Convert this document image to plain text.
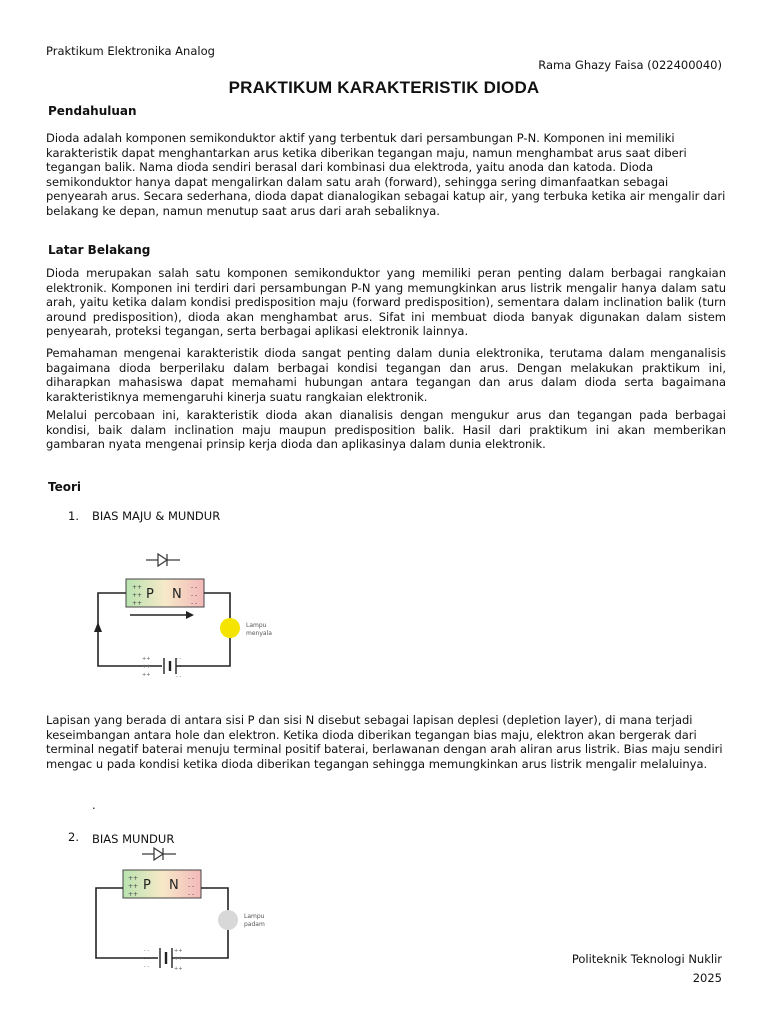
Praktikum Elektronika Analog
Rama Ghazy Faisa (022400040)
PRAKTIKUM KARAKTERISTIK DIODA
Pendahuluan
Dioda adalah komponen semikonduktor aktif yang terbentuk dari persambungan P-N. Komponen ini memiliki karakteristik dapat menghantarkan arus ketika diberikan tegangan maju, namun menghambat arus saat diberi tegangan balik. Nama dioda sendiri berasal dari kombinasi dua elektroda, yaitu anoda dan katoda. Dioda semikonduktor hanya dapat mengalirkan dalam satu arah (forward), sehingga sering dimanfaatkan sebagai penyearah arus. Secara sederhana, dioda dapat dianalogikan sebagai katup air, yang terbuka ketika air mengalir dari belakang ke depan, namun menutup saat arus dari arah sebaliknya.
Latar Belakang
Dioda merupakan salah satu komponen semikonduktor yang memiliki peran penting dalam berbagai rangkaian elektronik. Komponen ini terdiri dari persambungan P-N yang memungkinkan arus listrik mengalir hanya dalam satu arah, yaitu ketika dalam kondisi predisposition maju (forward predisposition), sementara dalam inclination balik (turn around predisposition), dioda akan menghambat arus. Sifat ini membuat dioda banyak digunakan dalam sistem penyearah, proteksi tegangan, serta berbagai aplikasi elektronik lainnya.
Pemahaman mengenai karakteristik dioda sangat penting dalam dunia elektronika, terutama dalam menganalisis bagaimana dioda berperilaku dalam berbagai kondisi tegangan dan arus. Dengan melakukan praktikum ini, diharapkan mahasiswa dapat memahami hubungan antara tegangan dan arus dalam dioda serta bagaimana karakteristiknya memengaruhi kinerja suatu rangkaian elektronik.
Melalui percobaan ini, karakteristik dioda akan dianalisis dengan mengukur arus dan tegangan pada berbagai kondisi, baik dalam inclination maju maupun predisposition balik. Hasil dari praktikum ini akan memberikan gambaran nyata mengenai prinsip kerja dioda dan aplikasinya dalam dunia elektronik.
Teori
1. BIAS MAJU & MUNDUR
++
++
++
P N - -
- -
- -
++
++
++
- -
- -
- -
Lampu
menyala
Lapisan yang berada di antara sisi P dan sisi N disebut sebagai lapisan deplesi (depletion layer), di mana terjadi keseimbangan antara hole dan elektron. Ketika dioda diberikan tegangan bias maju, elektron akan bergerak dari terminal negatif baterai menuju terminal positif baterai, berlawanan dengan arah aliran arus listrik. Bias maju sendiri mengac u pada kondisi ketika dioda diberikan tegangan sehingga memungkinkan arus listrik mengalir melaluinya.
.
2. BIAS MUNDUR
++
++
++
P N - -
- -
- -
- -
- -
- -
++
++
++
Lampu
padam
Politeknik Teknologi Nuklir
2025
